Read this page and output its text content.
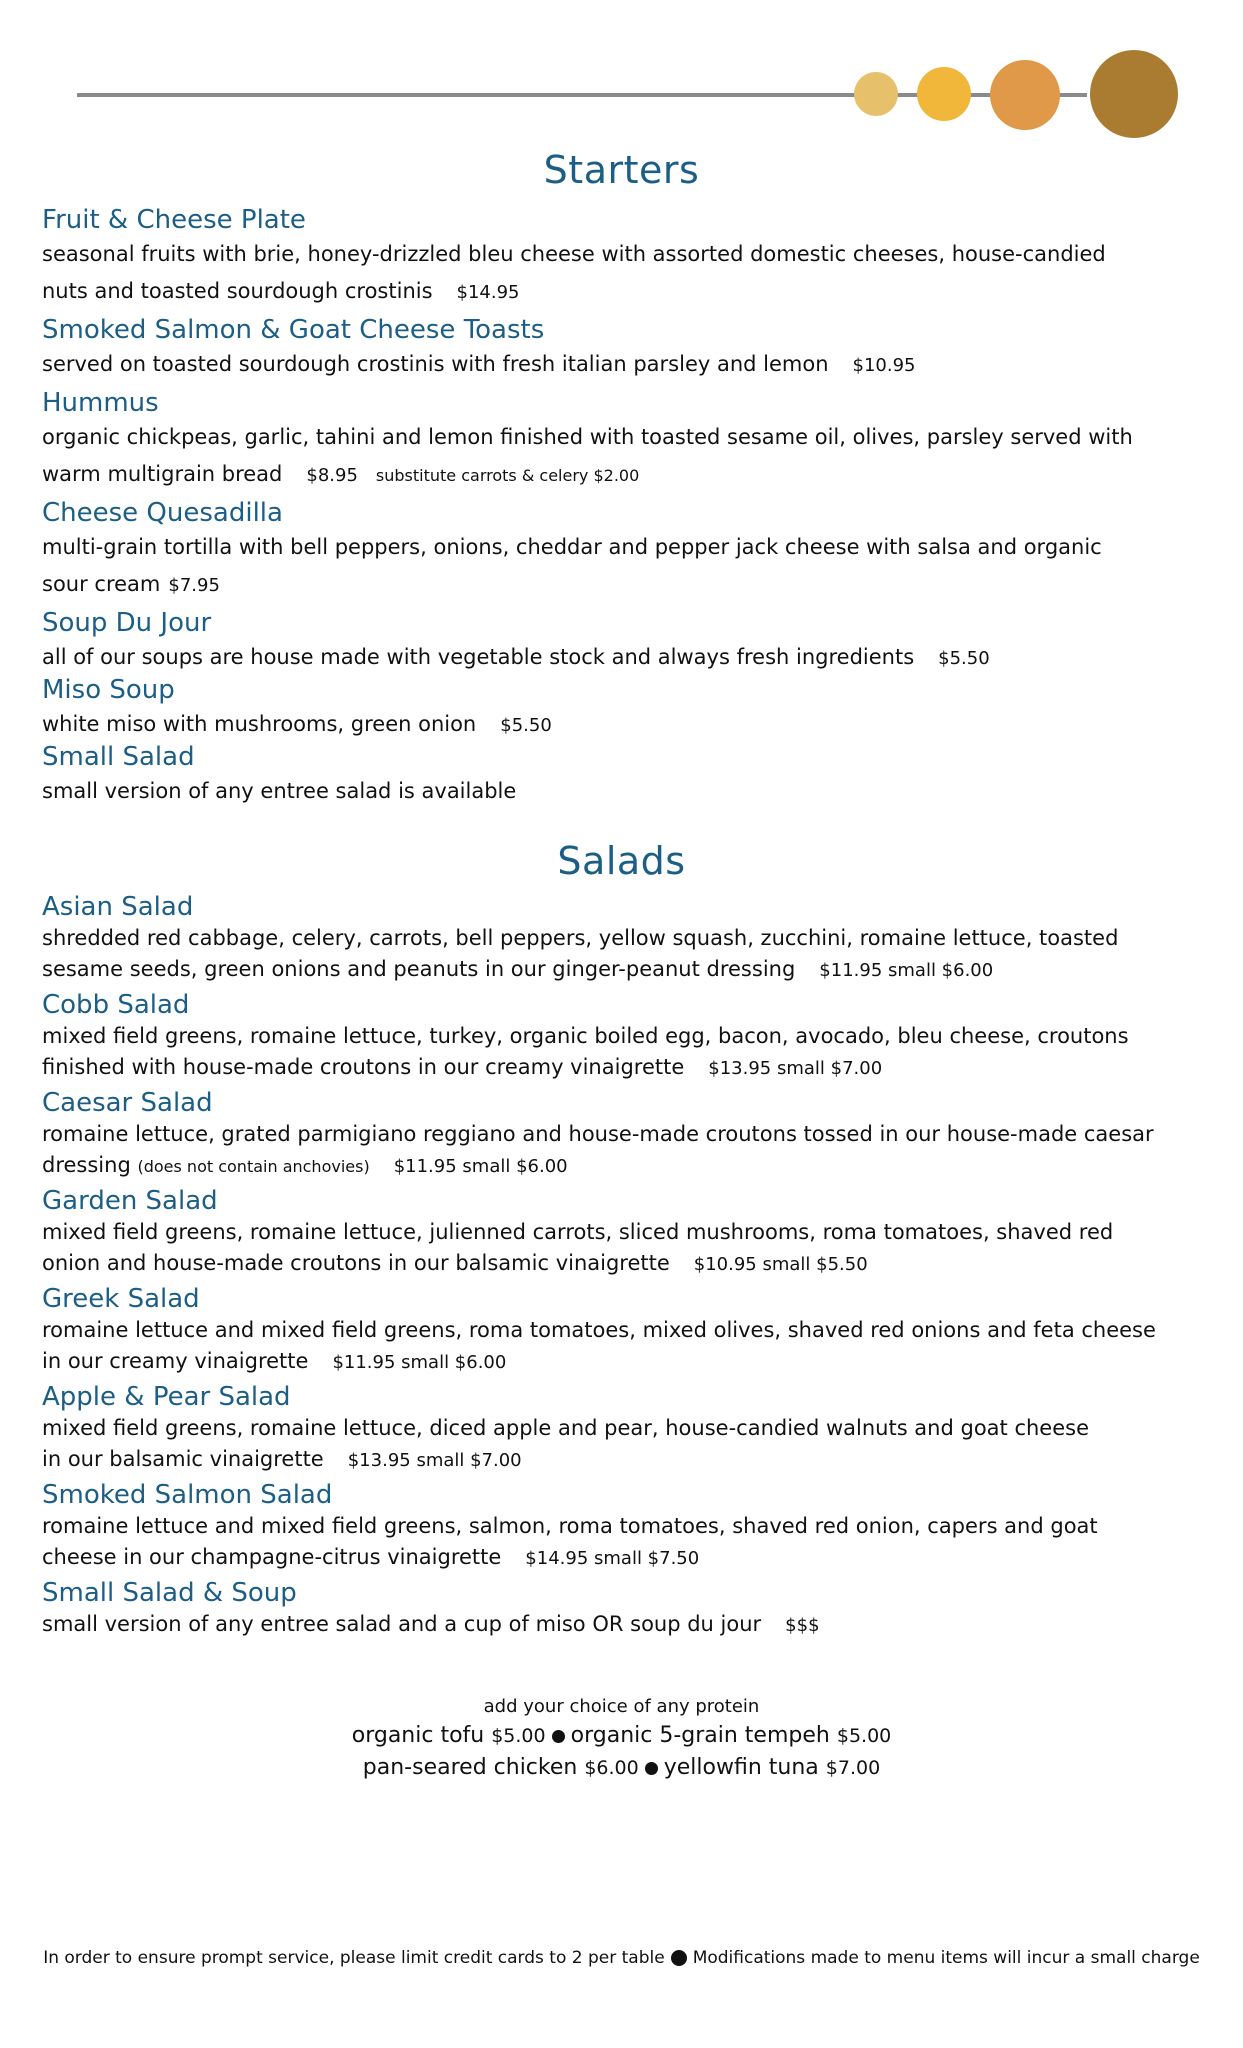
Starters

Fruit & Cheese Plate

seasonal fruits with brie, honey-drizzled bleu cheese with assorted domestic cheeses, house-candied

nuts and toasted sourdough crostinis $14.95

Smoked Salmon & Goat Cheese Toasts

served on toasted sourdough crostinis with fresh italian parsley and lemon $10.95

Hummus

organic chickpeas, garlic, tahini and lemon finished with toasted sesame oil, olives, parsley served with

warm multigrain bread $8.95 substitute carrots & celery $2.00

Cheese Quesadilla

multi-grain tortilla with bell peppers, onions, cheddar and pepper jack cheese with salsa and organic

sour cream $7.95

Soup Du Jour

all of our soups are house made with vegetable stock and always fresh ingredients $5.50

Miso Soup

white miso with mushrooms, green onion $5.50

Small Salad

small version of any entree salad is available

Salads

Asian Salad

shredded red cabbage, celery, carrots, bell peppers, yellow squash, zucchini, romaine lettuce, toasted

sesame seeds, green onions and peanuts in our ginger-peanut dressing $11.95 small $6.00

Cobb Salad

mixed field greens, romaine lettuce, turkey, organic boiled egg, bacon, avocado, bleu cheese, croutons

finished with house-made croutons in our creamy vinaigrette $13.95 small $7.00

Caesar Salad

romaine lettuce, grated parmigiano reggiano and house-made croutons tossed in our house-made caesar

dressing (does not contain anchovies) $11.95 small $6.00

Garden Salad

mixed field greens, romaine lettuce, julienned carrots, sliced mushrooms, roma tomatoes, shaved red

onion and house-made croutons in our balsamic vinaigrette $10.95 small $5.50

Greek Salad

romaine lettuce and mixed field greens, roma tomatoes, mixed olives, shaved red onions and feta cheese

in our creamy vinaigrette $11.95 small $6.00

Apple & Pear Salad

mixed field greens, romaine lettuce, diced apple and pear, house-candied walnuts and goat cheese

in our balsamic vinaigrette $13.95 small $7.00

Smoked Salmon Salad

romaine lettuce and mixed field greens, salmon, roma tomatoes, shaved red onion, capers and goat

cheese in our champagne-citrus vinaigrette $14.95 small $7.50

Small Salad & Soup

small version of any entree salad and a cup of miso OR soup du jour $$$

add your choice of any protein
organic tofu $5.00 organic 5-grain tempeh $5.00
pan-seared chicken $6.00 yellowfin tuna $7.00
In order to ensure prompt service, please limit credit cards to 2 per table Modifications made to menu items will incur a small charge
